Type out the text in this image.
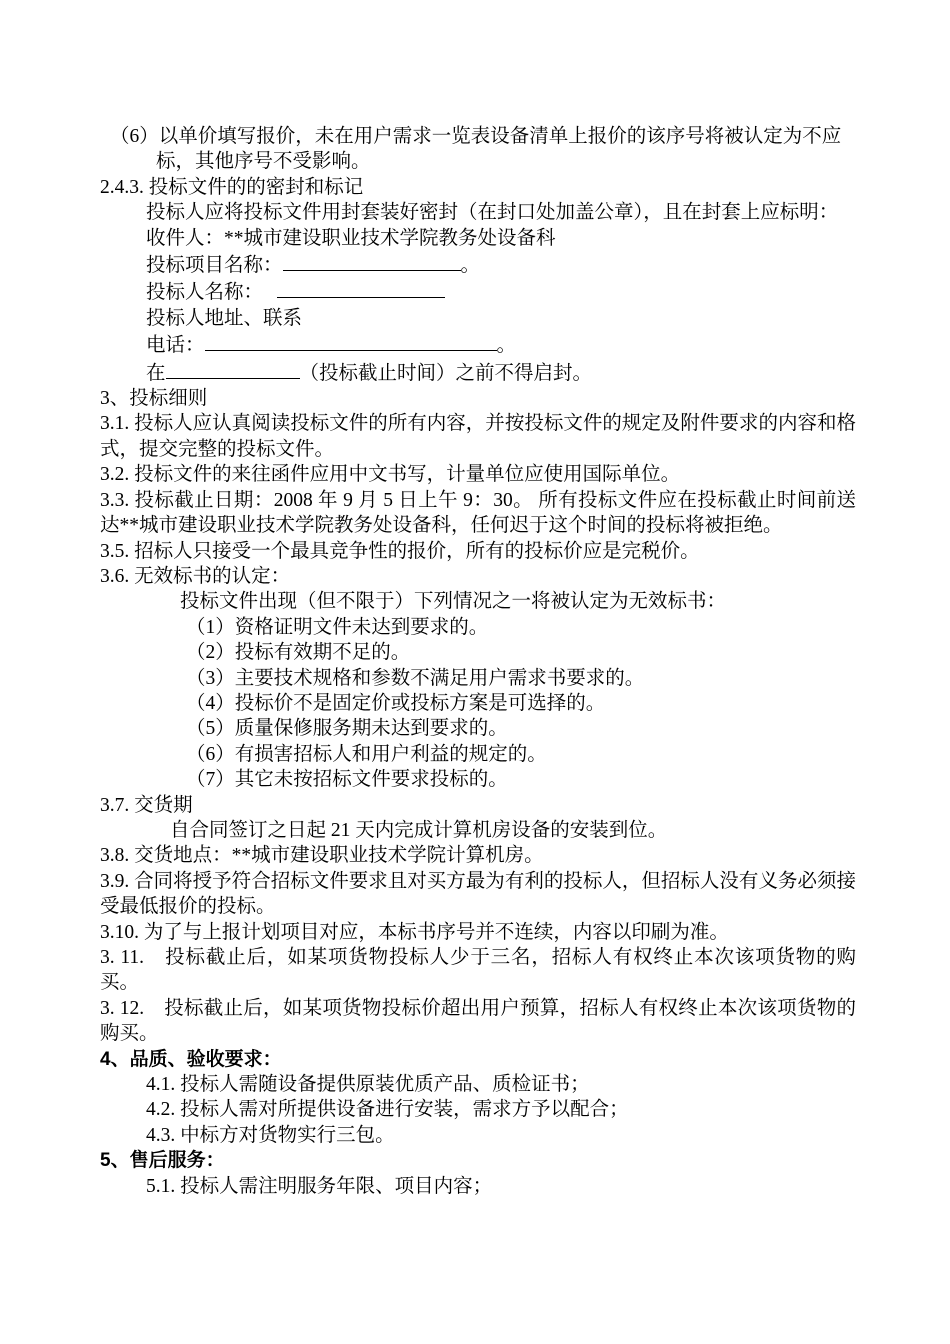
（6）以单价填写报价，未在用户需求一览表设备清单上报价的该序号将被认定为不应标，其他序号不受影响。

2.4.3. 投标文件的的密封和标记

投标人应将投标文件用封套装好密封（在封口处加盖公章），且在封套上应标明：

收件人：**城市建设职业技术学院教务处设备科

投标项目名称：	。

投标人名称：

投标人地址、联系

电话：	。

在	（投标截止时间）之前不得启封。

3、投标细则

3.1. 投标人应认真阅读投标文件的所有内容，并按投标文件的规定及附件要求的内容和格式，提交完整的投标文件。

3.2. 投标文件的来往函件应用中文书写，计量单位应使用国际单位。

3.3. 投标截止日期：2008 年 9 月 5 日上午 9：30。 所有投标文件应在投标截止时间前送达**城市建设职业技术学院教务处设备科，任何迟于这个时间的投标将被拒绝。

3.5. 招标人只接受一个最具竞争性的报价，所有的投标价应是完税价。

3.6. 无效标书的认定：

投标文件出现（但不限于）下列情况之一将被认定为无效标书：

（1）资格证明文件未达到要求的。

（2）投标有效期不足的。

（3）主要技术规格和参数不满足用户需求书要求的。

（4）投标价不是固定价或投标方案是可选择的。

（5）质量保修服务期未达到要求的。

（6）有损害招标人和用户利益的规定的。

（7）其它未按招标文件要求投标的。

3.7. 交货期

自合同签订之日起 21 天内完成计算机房设备的安装到位。

3.8. 交货地点：**城市建设职业技术学院计算机房。

3.9. 合同将授予符合招标文件要求且对买方最为有利的投标人，但招标人没有义务必须接受最低报价的投标。

3.10. 为了与上报计划项目对应，本标书序号并不连续，内容以印刷为准。

3. 11.　投标截止后，如某项货物投标人少于三名，招标人有权终止本次该项货物的购买。

3. 12.　投标截止后，如某项货物投标价超出用户预算，招标人有权终止本次该项货物的购买。

4、品质、验收要求：

4.1. 投标人需随设备提供原装优质产品、质检证书；

4.2. 投标人需对所提供设备进行安装，需求方予以配合；

4.3. 中标方对货物实行三包。

5、售后服务：

5.1. 投标人需注明服务年限、项目内容；
